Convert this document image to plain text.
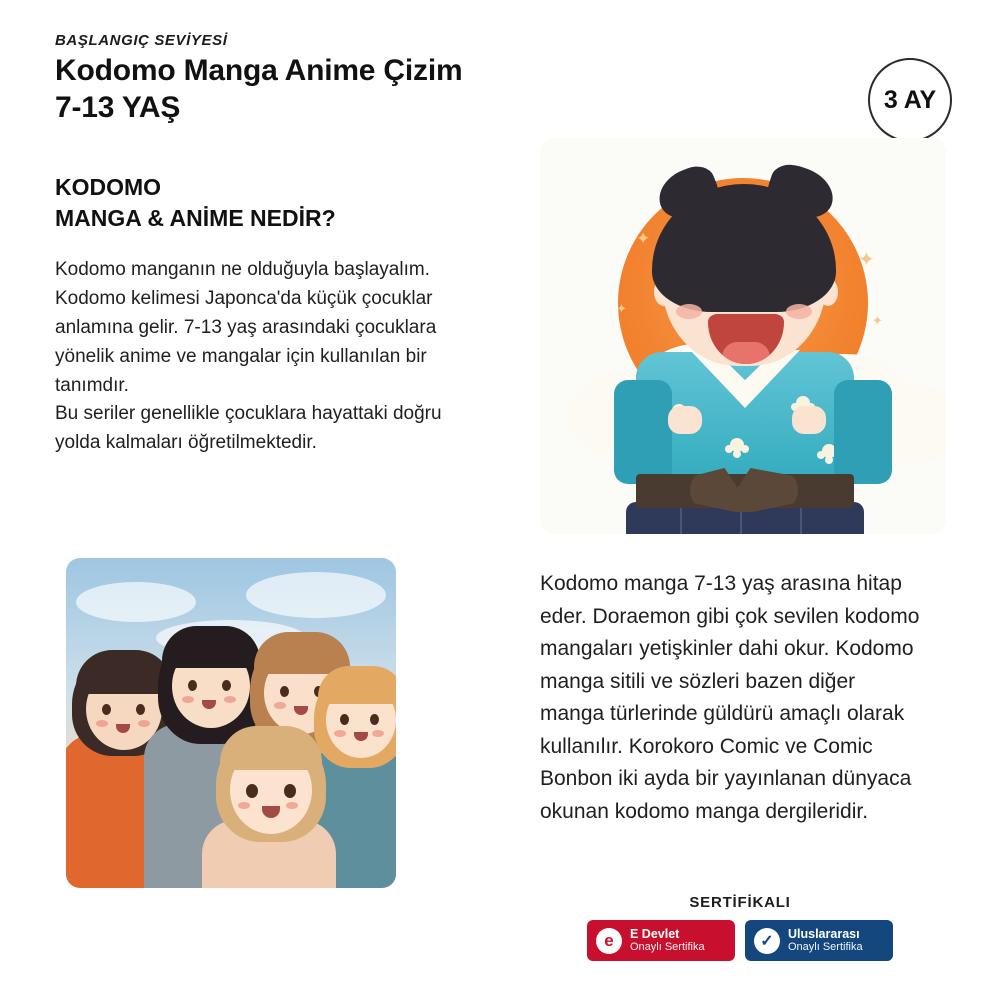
BAŞLANGIÇ SEVİYESİ
Kodomo Manga Anime Çizim
7-13 YAŞ	3 AY
KODOMO
MANGA & ANİME NEDİR?

Kodomo manganın ne olduğuyla başlayalım. Kodomo kelimesi Japonca'da küçük çocuklar anlamına gelir. 7-13 yaş arasındaki çocuklara yönelik anime ve mangalar için kullanılan bir tanımdır.

Bu seriler genellikle çocuklara hayattaki doğru yolda kalmaları öğretilmektedir.

Kodomo manga 7-13 yaş arasına hitap eder. Doraemon gibi çok sevilen kodomo mangaları yetişkinler dahi okur. Kodomo manga sitili ve sözleri bazen diğer manga türlerinde güldürü amaçlı olarak kullanılır. Korokoro Comic ve Comic Bonbon iki ayda bir yayınlanan dünyaca okunan kodomo manga dergileridir.

✦
✦
✦
✦
SERTİFİKALI
e	E Devlet
Onaylı Sertifika	✓	Uluslararası
Onaylı Sertifika
